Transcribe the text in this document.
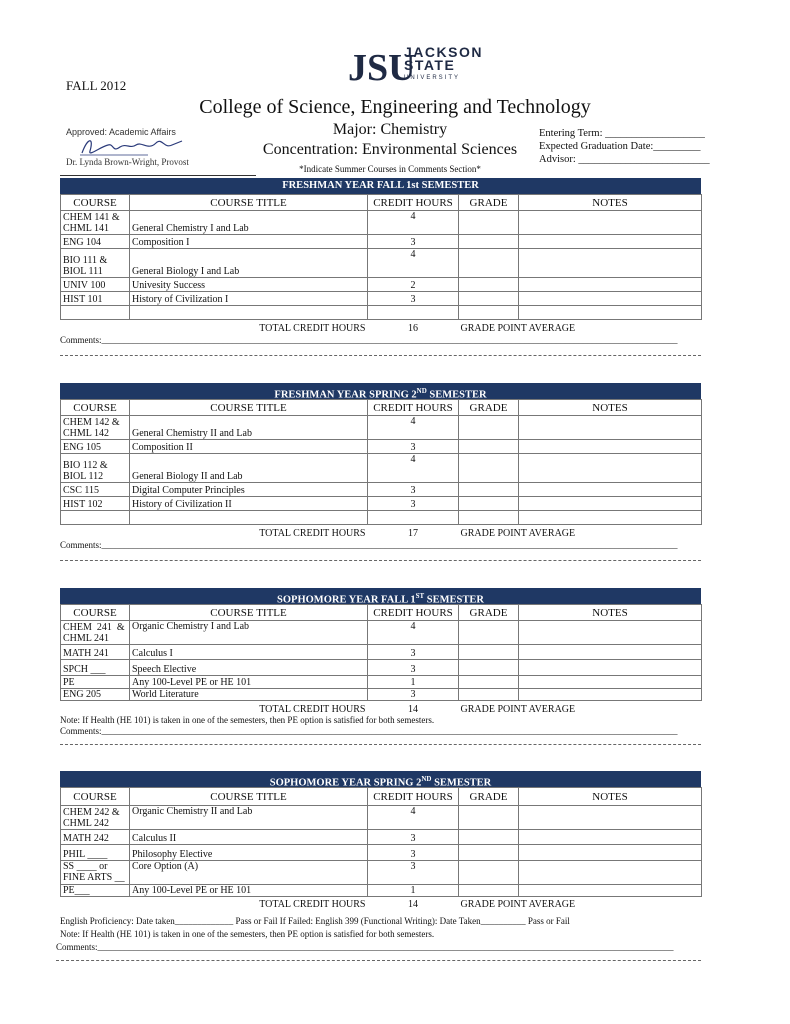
JSU
JACKSON
STATE
UNIVERSITY
FALL 2012
College of Science, Engineering and Technology
Major: Chemistry
Concentration: Environmental Sciences
Approved: Academic Affairs
Dr. Lynda Brown-Wright, Provost
Entering Term: ___________________
Expected Graduation Date:_________
Advisor: _________________________
*Indicate Summer Courses in Comments Section*
FRESHMAN YEAR FALL 1st SEMESTER
COURSE	COURSE TITLE	CREDIT HOURS	GRADE	NOTES
CHEM 141 &
CHML 141	General Chemistry I and Lab	4		
ENG 104	Composition I	3		
BIO 111 &
BIOL 111	General Biology I and Lab	4		
UNIV 100	Univesity Success	2		
HIST 101	History of Civilization I	3		

	TOTAL CREDIT HOURS	16	GRADE POINT AVERAGE	
Comments:________________________________________________________________________________________________________________________________
FRESHMAN YEAR SPRING 2ND SEMESTER
COURSE	COURSE TITLE	CREDIT HOURS	GRADE	NOTES
CHEM 142 &
CHML 142	General Chemistry II and Lab	4		
ENG 105	Composition II	3		
BIO 112 &
BIOL 112	General Biology II and Lab	4		
CSC 115	Digital Computer Principles	3		
HIST 102	History of Civilization II	3		

	TOTAL CREDIT HOURS	17	GRADE POINT AVERAGE	
Comments:________________________________________________________________________________________________________________________________
SOPHOMORE YEAR FALL 1ST SEMESTER
COURSE	COURSE TITLE	CREDIT HOURS	GRADE	NOTES
CHEM  241  &
CHML 241	Organic Chemistry I and Lab	4		
MATH 241	Calculus I	3		
SPCH ___	Speech Elective	3		
PE	Any 100-Level PE or HE 101	1		
ENG 205	World Literature	3		
	TOTAL CREDIT HOURS	14	GRADE POINT AVERAGE	
Note: If Health (HE 101) is taken in one of the semesters, then PE option is satisfied for both semesters.
Comments:________________________________________________________________________________________________________________________________
SOPHOMORE YEAR SPRING 2ND SEMESTER
COURSE	COURSE TITLE	CREDIT HOURS	GRADE	NOTES
CHEM 242 &
CHML 242	Organic Chemistry II and Lab	4		
MATH 242	Calculus II	3		
PHIL ____	Philosophy Elective	3		
SS ____ or
FINE ARTS __	Core Option (A)	3		
PE___	Any 100-Level PE or HE 101	1		
	TOTAL CREDIT HOURS	14	GRADE POINT AVERAGE	
English Proficiency: Date taken_____________ Pass or Fail If Failed: English 399 (Functional Writing): Date Taken__________ Pass or Fail
Note: If Health (HE 101) is taken in one of the semesters, then PE option is satisfied for both semesters.
Comments:________________________________________________________________________________________________________________________________
